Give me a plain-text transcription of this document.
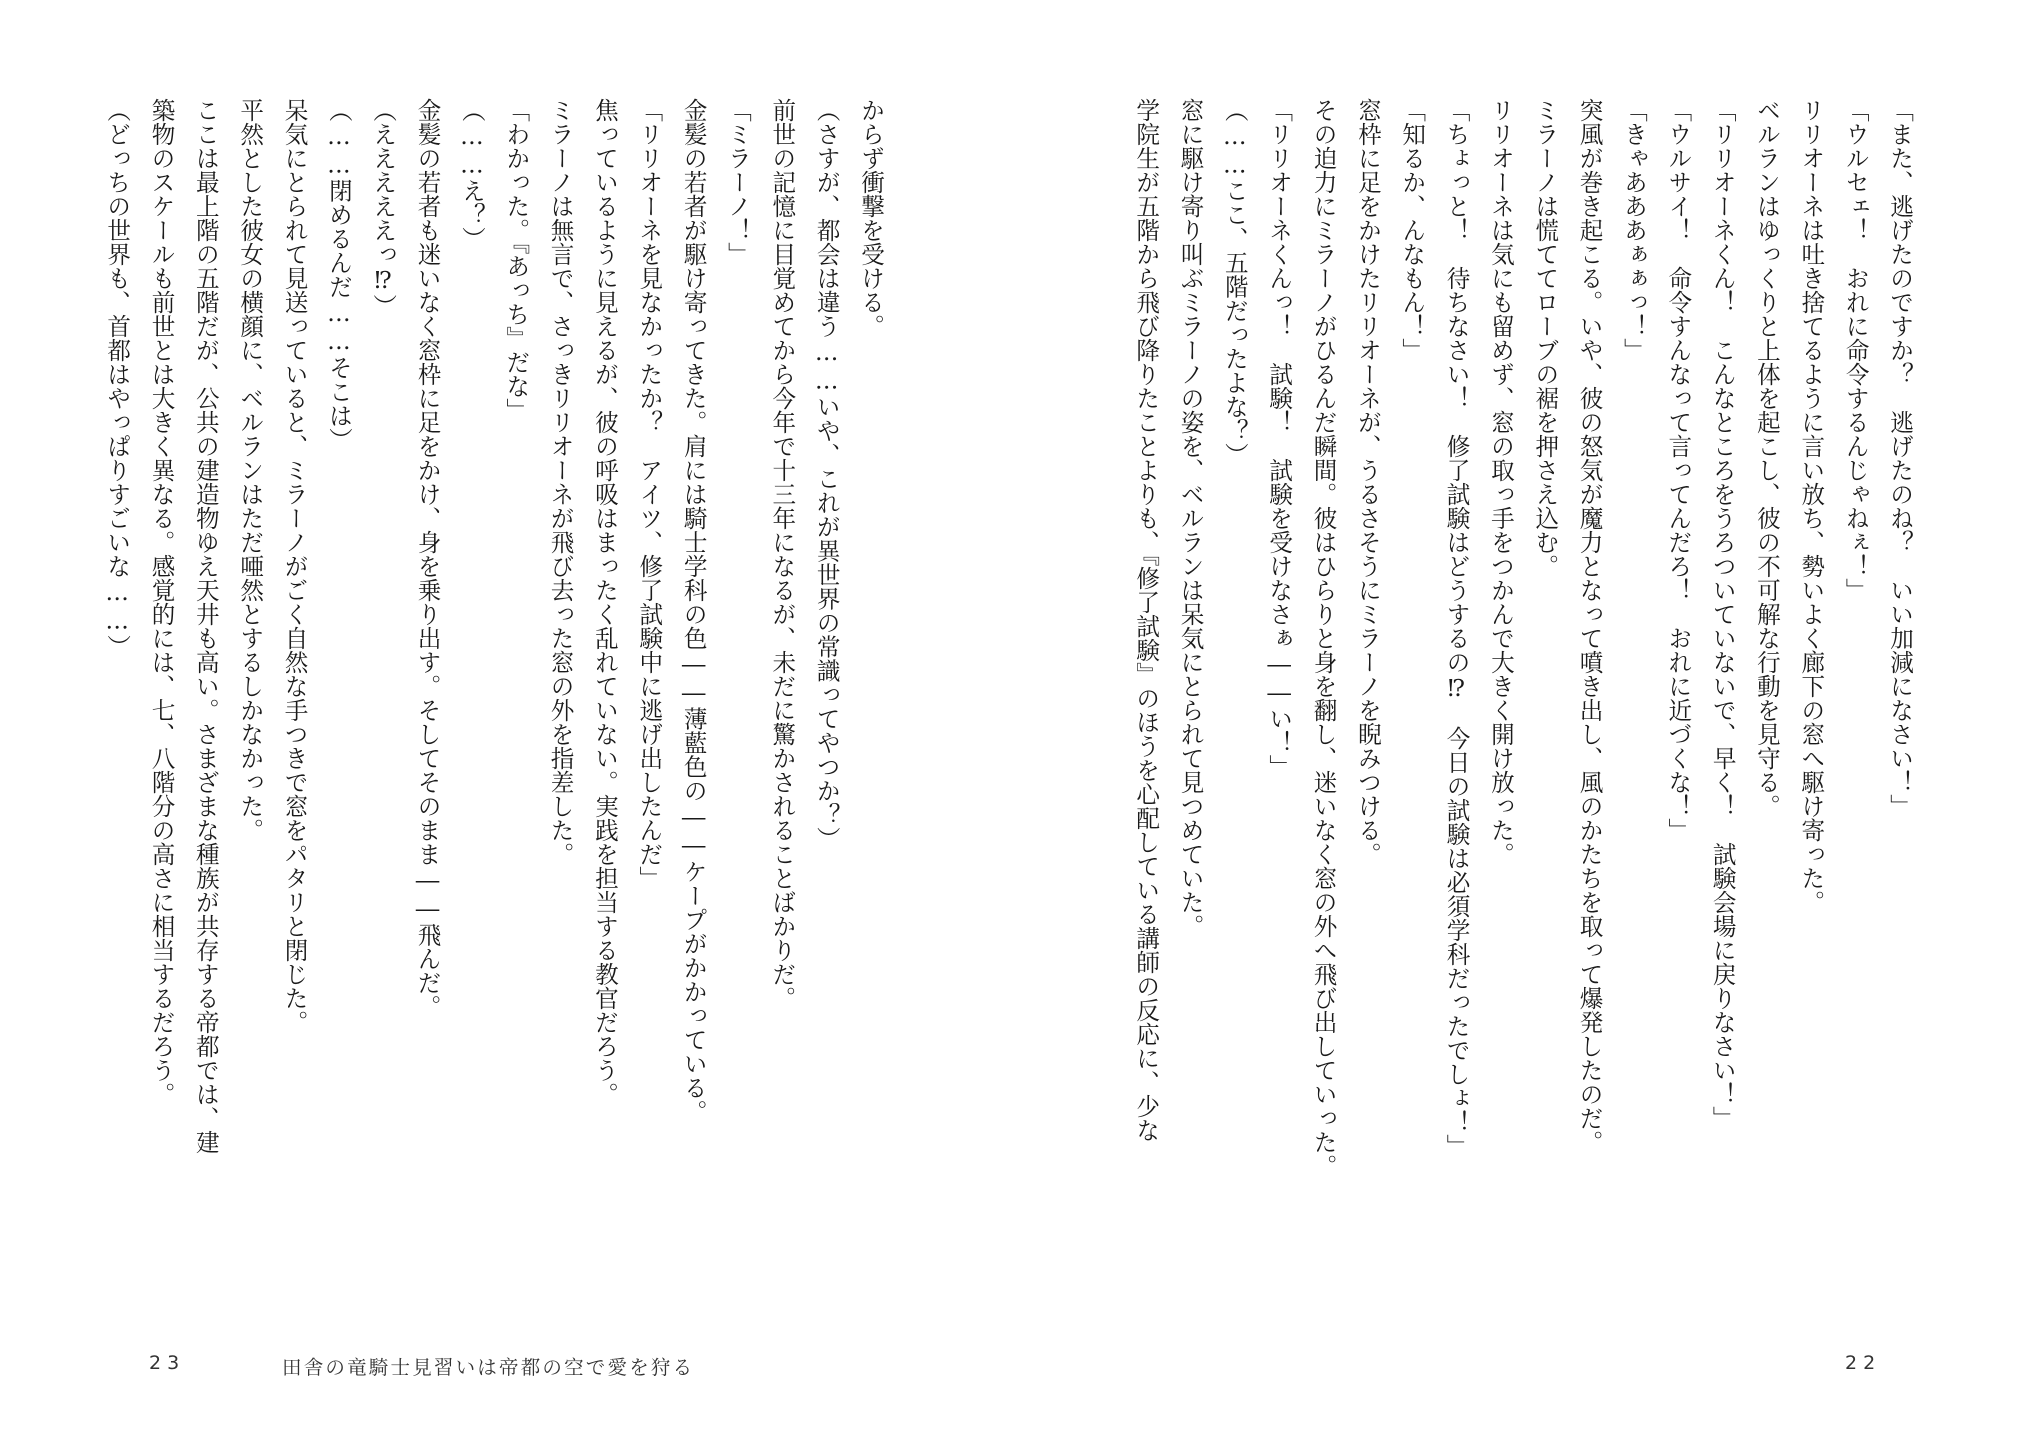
からず衝撃を受ける。
（さすが、都会は違う……いや、これが異世界の常識ってやつか？）
前世の記憶に目覚めてから今年で十三年になるが、未だに驚かされることばかりだ。
「ミラーノ！」
金髪の若者が駆け寄ってきた。肩には騎士学科の色――薄藍色の――ケープがかかっている。
「リリオーネを見なかったか？　アイツ、修了試験中に逃げ出したんだ」
焦っているように見えるが、彼の呼吸はまったく乱れていない。実践を担当する教官だろう。
ミラーノは無言で、さっきリリオーネが飛び去った窓の外を指差した。
「わかった。『あっち』だな」
（……え？）
金髪の若者も迷いなく窓枠に足をかけ、身を乗り出す。そしてそのまま――飛んだ。
（えええええっ⁉）
（……閉めるんだ……そこは）
呆気にとられて見送っていると、ミラーノがごく自然な手つきで窓をパタリと閉じた。
平然とした彼女の横顔に、ベルランはただ唖然とするしかなかった。
ここは最上階の五階だが、公共の建造物ゆえ天井も高い。さまざまな種族が共存する帝都では、建
築物のスケールも前世とは大きく異なる。感覚的には、七、八階分の高さに相当するだろう。
（どっちの世界も、首都はやっぱりすごいな……）
23	田舎の竜騎士見習いは帝都の空で愛を狩る
「また、逃げたのですか？　逃げたのね？　いい加減になさい！」
「ウルセェ！　おれに命令するんじゃねぇ！」
リリオーネは吐き捨てるように言い放ち、勢いよく廊下の窓へ駆け寄った。
ベルランはゆっくりと上体を起こし、彼の不可解な行動を見守る。
「リリオーネくん！　こんなところをうろついていないで、早く！　試験会場に戻りなさい！」
「ウルサイ！　命令すんなって言ってんだろ！　おれに近づくな！」
「きゃあああぁぁっ！」
突風が巻き起こる。いや、彼の怒気が魔力となって噴き出し、風のかたちを取って爆発したのだ。
ミラーノは慌ててローブの裾を押さえ込む。
リリオーネは気にも留めず、窓の取っ手をつかんで大きく開け放った。
「ちょっと！　待ちなさい！　修了試験はどうするの⁉　今日の試験は必須学科だったでしょ！」
「知るか、んなもん！」
窓枠に足をかけたリリオーネが、うるさそうにミラーノを睨みつける。
その迫力にミラーノがひるんだ瞬間。彼はひらりと身を翻し、迷いなく窓の外へ飛び出していった。
「リリオーネくんっ！　試験！　試験を受けなさぁ――い！」
（……ここ、五階だったよな？）
窓に駆け寄り叫ぶミラーノの姿を、ベルランは呆気にとられて見つめていた。
学院生が五階から飛び降りたことよりも、『修了試験』のほうを心配している講師の反応に、少な
22
